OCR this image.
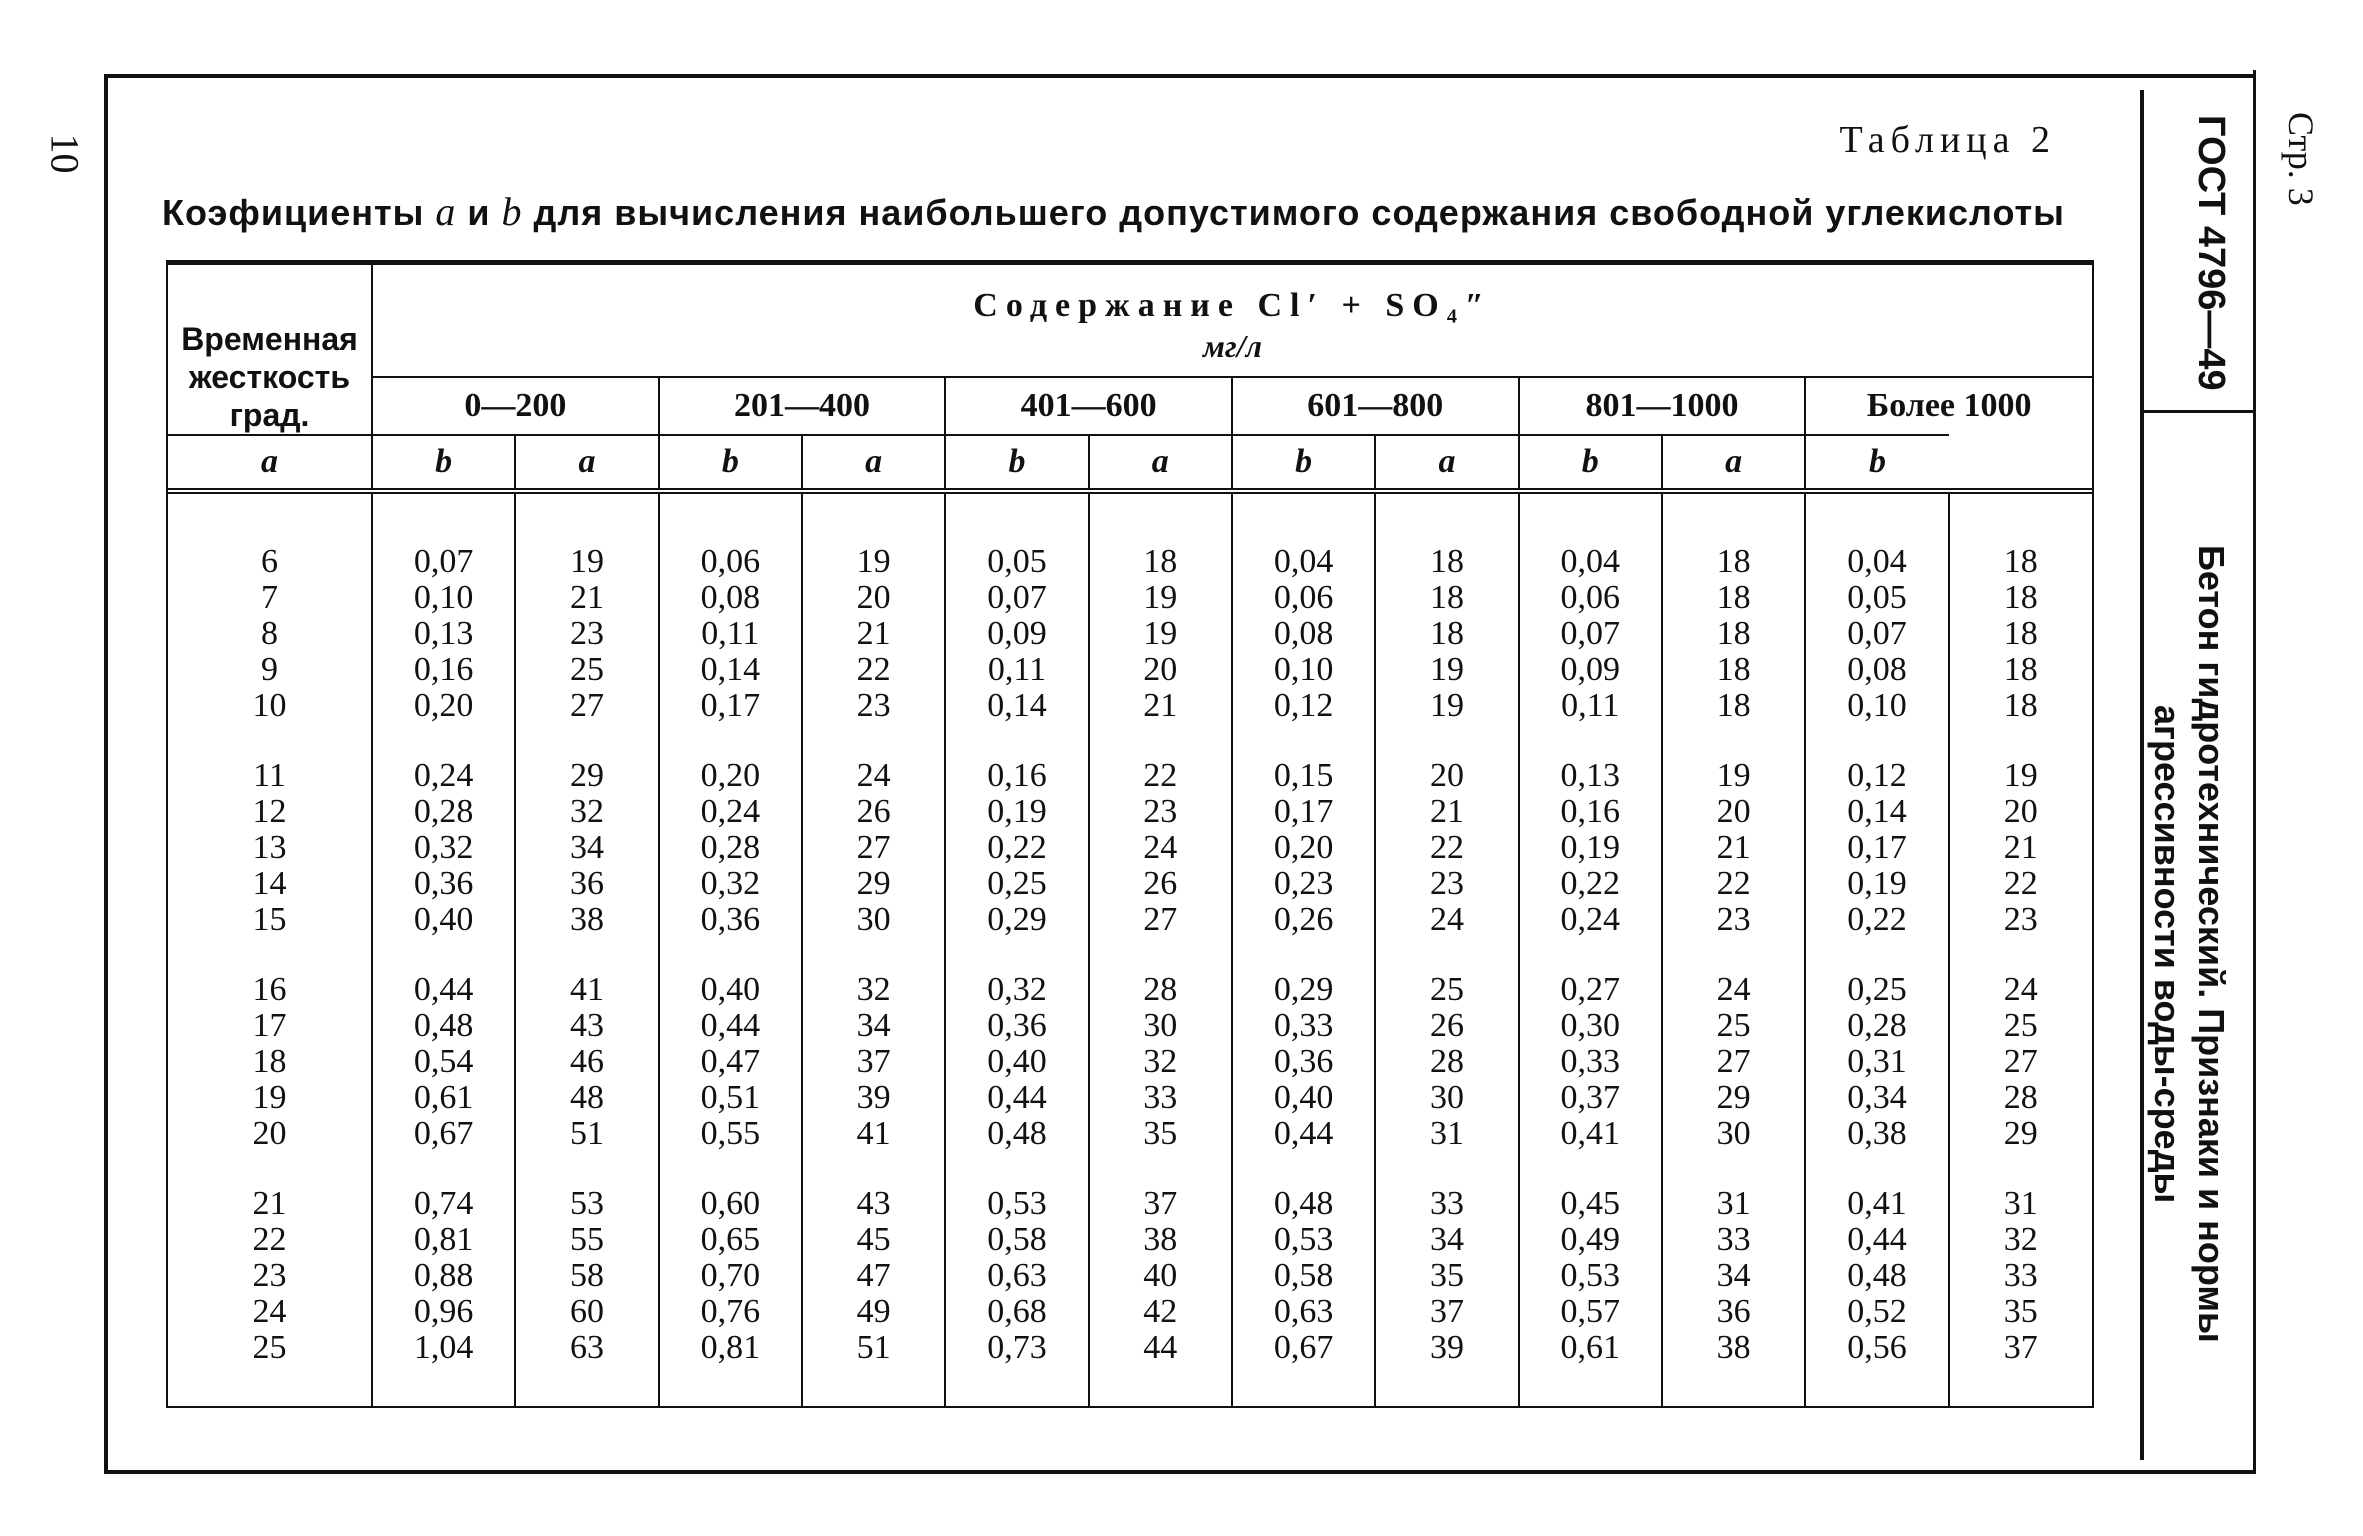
10	Таблица 2
Коэфициенты a и b для вычисления наибольшего допустимого содержания свободной углекислоты
Временная
жесткость
град.	Содержание Cl′ + SO₄″											
	мг/л											
	0—200		201—400		401—600		601—800		801—1000		Более 1000	
a	b	a	b	a	b	a	b	a	b	a	b	

6	0,07	19	0,06	19	0,05	18	0,04	18	0,04	18	0,04	18
7	0,10	21	0,08	20	0,07	19	0,06	18	0,06	18	0,05	18
8	0,13	23	0,11	21	0,09	19	0,08	18	0,07	18	0,07	18
9	0,16	25	0,14	22	0,11	20	0,10	19	0,09	18	0,08	18
10	0,20	27	0,17	23	0,14	21	0,12	19	0,11	18	0,10	18

11	0,24	29	0,20	24	0,16	22	0,15	20	0,13	19	0,12	19
12	0,28	32	0,24	26	0,19	23	0,17	21	0,16	20	0,14	20
13	0,32	34	0,28	27	0,22	24	0,20	22	0,19	21	0,17	21
14	0,36	36	0,32	29	0,25	26	0,23	23	0,22	22	0,19	22
15	0,40	38	0,36	30	0,29	27	0,26	24	0,24	23	0,22	23

16	0,44	41	0,40	32	0,32	28	0,29	25	0,27	24	0,25	24
17	0,48	43	0,44	34	0,36	30	0,33	26	0,30	25	0,28	25
18	0,54	46	0,47	37	0,40	32	0,36	28	0,33	27	0,31	27
19	0,61	48	0,51	39	0,44	33	0,40	30	0,37	29	0,34	28
20	0,67	51	0,55	41	0,48	35	0,44	31	0,41	30	0,38	29

21	0,74	53	0,60	43	0,53	37	0,48	33	0,45	31	0,41	31
22	0,81	55	0,65	45	0,58	38	0,53	34	0,49	33	0,44	32
23	0,88	58	0,70	47	0,63	40	0,58	35	0,53	34	0,48	33
24	0,96	60	0,76	49	0,68	42	0,63	37	0,57	36	0,52	35
25	1,04	63	0,81	51	0,73	44	0,67	39	0,61	38	0,56	37

ГОСТ 4796—49
Бетон гидротехнический. Признаки и нормы
агрессивности воды-среды
Стр. 3
